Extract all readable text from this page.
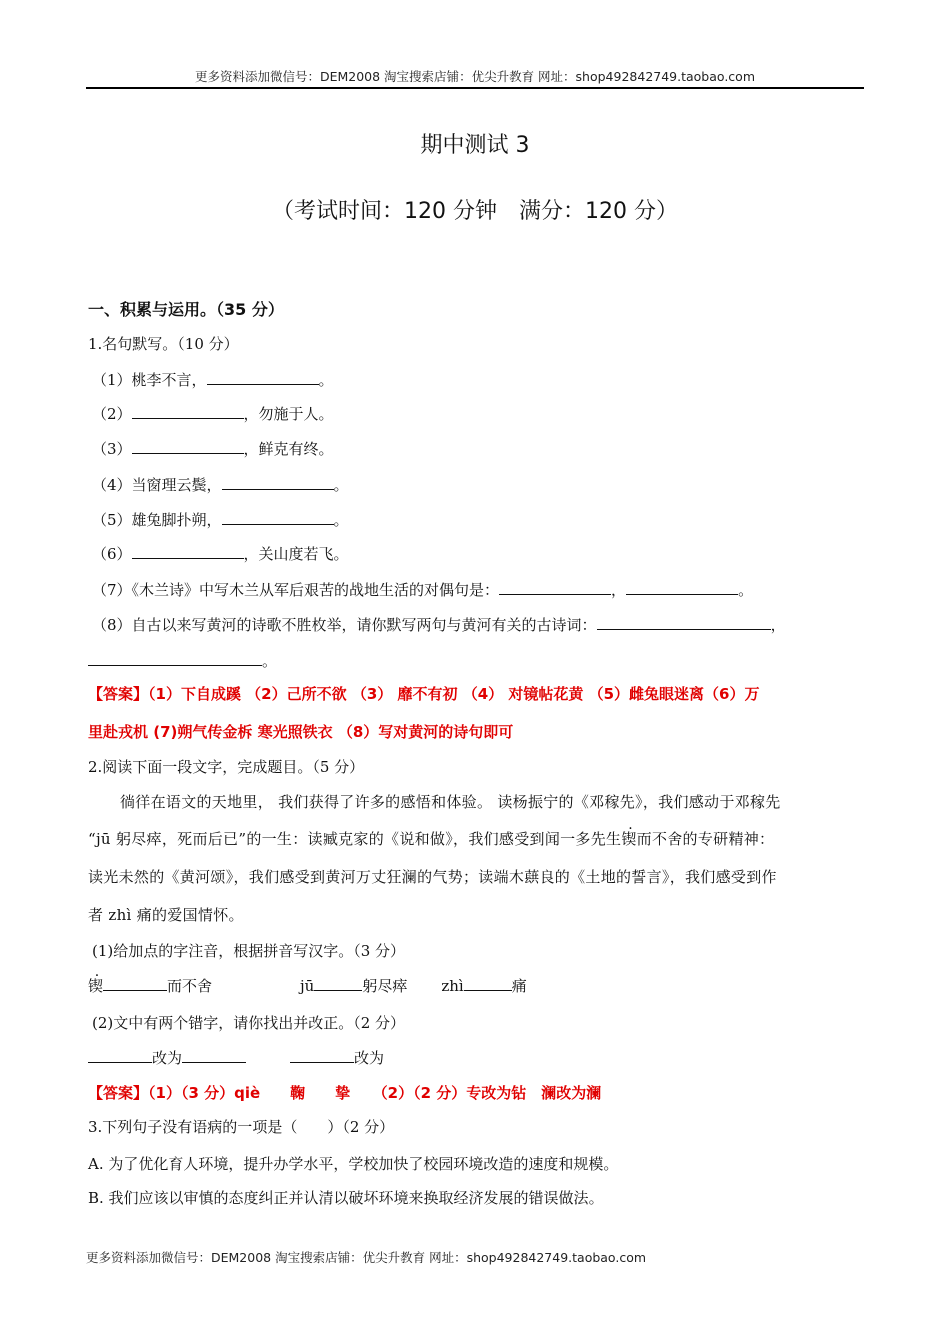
更多资料添加微信号：DEM2008 淘宝搜索店铺：优尖升教育 网址：shop492842749.taobao.com
期中测试 3
（考试时间：120 分钟　满分：120 分）
一、积累与运用。（35 分）
1.名句默写。（10 分）
（1）桃李不言，	。
（2）	，勿施于人。
（3）	，鲜克有终。
（4）当窗理云鬓，	。
（5）雄兔脚扑朔，	。
（6）	，关山度若飞。
（7）《木兰诗》中写木兰从军后艰苦的战地生活的对偶句是：	，	。
（8）自古以来写黄河的诗歌不胜枚举，请你默写两句与黄河有关的古诗词：	，
。
【答案】（1）下自成蹊 （2）己所不欲 （3） 靡不有初 （4） 对镜帖花黄 （5）雌兔眼迷离（6）万
里赴戎机 (7)朔气传金柝 寒光照铁衣 （8）写对黄河的诗句即可
2.阅读下面一段文字，完成题目。（5 分）
徜徉在语文的天地里， 我们获得了许多的感悟和体验。 读杨振宁的《邓稼先》，我们感动于邓稼先
“jū 躬尽瘁，死而后已”的一生：读臧克家的《说和做》，我们感受到闻一多先生锲而不舍的专研精神：
读光未然的《黄河颂》，我们感受到黄河万丈狂澜的气势；读端木蕻良的《土地的誓言》，我们感受到作
者 zhì 痛的爱国情怀。
(1)给加点的字注音，根据拼音写汉字。（3 分）
锲	而不舍	jū	躬尽瘁 zhì	痛
(2)文中有两个错字，请你找出并改正。（2 分）
改为	改为
【答案】（1）（3 分）qiè　　鞠　　挚　　（2）（2 分）专改为钻　澜改为澜
3.下列句子没有语病的一项是（　　）（2 分）
A. 为了优化育人环境，提升办学水平，学校加快了校园环境改造的速度和规模。
B. 我们应该以审慎的态度纠正并认清以破坏环境来换取经济发展的错误做法。
更多资料添加微信号：DEM2008 淘宝搜索店铺：优尖升教育 网址：shop492842749.taobao.com
